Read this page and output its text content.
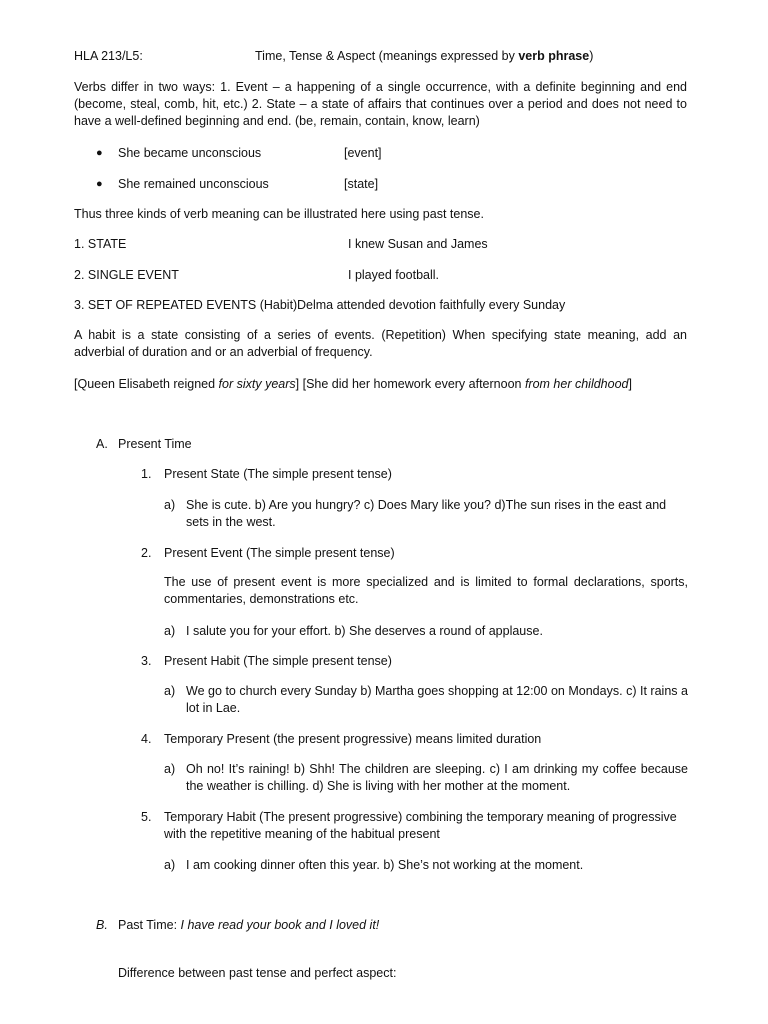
HLA 213/L5:	Time, Tense & Aspect (meanings expressed by verb phrase)
Verbs differ in two ways: 1. Event – a happening of a single occurrence, with a definite beginning and end (become, steal, comb, hit, etc.) 2. State – a state of affairs that continues over a period and does not need to have a well-defined beginning and end. (be, remain, contain, know, learn)
● She became unconscious	[event]
● She remained unconscious	[state]
Thus three kinds of verb meaning can be illustrated here using past tense.
1. STATE	I knew Susan and James
2. SINGLE EVENT	I played football.
3. SET OF REPEATED EVENTS (Habit) Delma attended devotion faithfully every Sunday
A habit is a state consisting of a series of events. (Repetition) When specifying state meaning, add an adverbial of duration and or an adverbial of frequency.
[Queen Elisabeth reigned for sixty years] [She did her homework every afternoon from her childhood]
A. Present Time
1. Present State (The simple present tense)
a) She is cute. b) Are you hungry? c) Does Mary like you? d)The sun rises in the east and sets in the west.
2. Present Event (The simple present tense)
The use of present event is more specialized and is limited to formal declarations, sports, commentaries, demonstrations etc.
a) I salute you for your effort. b) She deserves a round of applause.
3. Present Habit (The simple present tense)
a) We go to church every Sunday b) Martha goes shopping at 12:00 on Mondays. c) It rains a lot in Lae.
4. Temporary Present (the present progressive) means limited duration
a) Oh no! It’s raining! b) Shh! The children are sleeping. c) I am drinking my coffee because the weather is chilling. d) She is living with her mother at the moment.
5. Temporary Habit (The present progressive) combining the temporary meaning of progressive with the repetitive meaning of the habitual present
a) I am cooking dinner often this year. b) She’s not working at the moment.
B. Past Time: I have read your book and I loved it!
Difference between past tense and perfect aspect:
